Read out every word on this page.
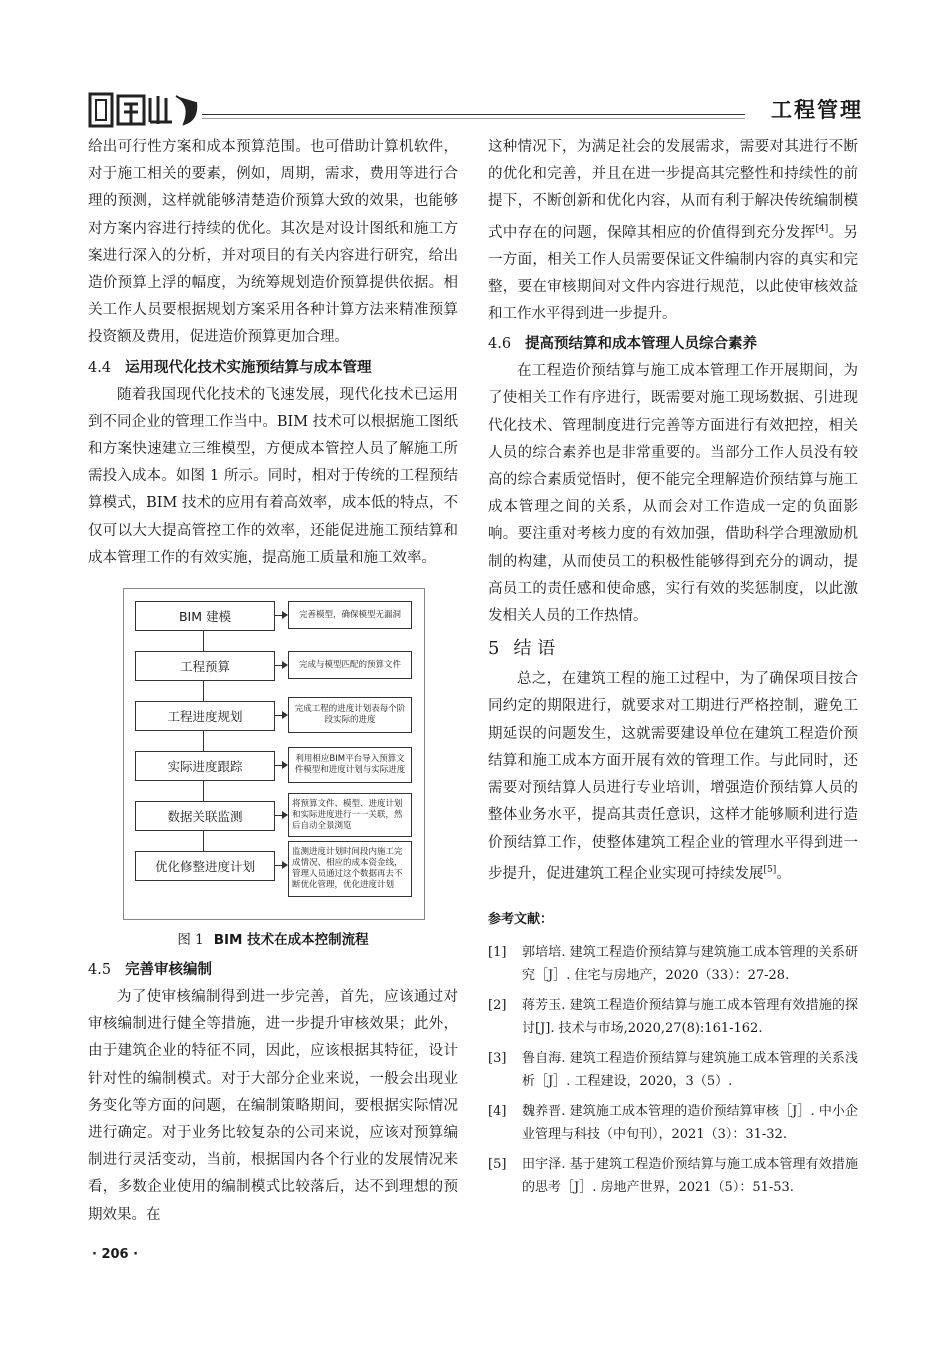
居业
工程管理

给出可行性方案和成本预算范围。也可借助计算机软件，对于施工相关的要素，例如，周期，需求，费用等进行合理的预测，这样就能够清楚造价预算大致的效果，也能够对方案内容进行持续的优化。其次是对设计图纸和施工方案进行深入的分析，并对项目的有关内容进行研究，给出造价预算上浮的幅度，为统筹规划造价预算提供依据。相关工作人员要根据规划方案采用各种计算方法来精准预算投资额及费用，促进造价预算更加合理。

4.4 运用现代化技术实施预结算与成本管理

随着我国现代化技术的飞速发展，现代化技术已运用到不同企业的管理工作当中。BIM 技术可以根据施工图纸和方案快速建立三维模型，方便成本管控人员了解施工所需投入成本。如图 1 所示。同时，相对于传统的工程预结算模式，BIM 技术的应用有着高效率，成本低的特点，不仅可以大大提高管控工作的效率，还能促进施工预结算和成本管理工作的有效实施，提高施工质量和施工效率。

BIM 建模
工程预算
工程进度规划
实际进度跟踪
数据关联监测
优化修整进度计划
完善模型，确保模型无漏洞
完成与模型匹配的预算文件
完成工程的进度计划表每个阶段实际的进度
利用相应BIM平台导入预算文件模型和进度计划与实际进度
将预算文件、模型、进度计划和实际进度进行一一关联，然后自动全景浏览
监测进度计划时间段内施工完成情况、相应的成本资金线，管理人员通过这个数据再去不断优化管理，优化进度计划
图 1 BIM 技术在成本控制流程
4.5 完善审核编制

为了使审核编制得到进一步完善，首先，应该通过对审核编制进行健全等措施，进一步提升审核效果；此外，由于建筑企业的特征不同，因此，应该根据其特征，设计针对性的编制模式。对于大部分企业来说，一般会出现业务变化等方面的问题，在编制策略期间，要根据实际情况进行确定。对于业务比较复杂的公司来说，应该对预算编制进行灵活变动，当前，根据国内各个行业的发展情况来看，多数企业使用的编制模式比较落后，达不到理想的预期效果。在

· 206 ·

这种情况下，为满足社会的发展需求，需要对其进行不断的优化和完善，并且在进一步提高其完整性和持续性的前提下，不断创新和优化内容，从而有利于解决传统编制模式中存在的问题，保障其相应的价值得到充分发挥[4]。另一方面，相关工作人员需要保证文件编制内容的真实和完整，要在审核期间对文件内容进行规范，以此使审核效益和工作水平得到进一步提升。

4.6 提高预结算和成本管理人员综合素养

在工程造价预结算与施工成本管理工作开展期间，为了使相关工作有序进行，既需要对施工现场数据、引进现代化技术、管理制度进行完善等方面进行有效把控，相关人员的综合素养也是非常重要的。当部分工作人员没有较高的综合素质觉悟时，便不能完全理解造价预结算与施工成本管理之间的关系，从而会对工作造成一定的负面影响。要注重对考核力度的有效加强，借助科学合理激励机制的构建，从而使员工的积极性能够得到充分的调动，提高员工的责任感和使命感，实行有效的奖惩制度，以此激发相关人员的工作热情。

5 结 语

总之，在建筑工程的施工过程中，为了确保项目按合同约定的期限进行，就要求对工期进行严格控制，避免工期延误的问题发生，这就需要建设单位在建筑工程造价预结算和施工成本方面开展有效的管理工作。与此同时，还需要对预结算人员进行专业培训，增强造价预结算人员的整体业务水平，提高其责任意识，这样才能够顺利进行造价预结算工作，使整体建筑工程企业的管理水平得到进一步提升，促进建筑工程企业实现可持续发展[5]。

参考文献：
[1]	郭培培. 建筑工程造价预结算与建筑施工成本管理的关系研究［J］. 住宅与房地产，2020（33）：27-28.
[2]	蒋芳玉. 建筑工程造价预结算与施工成本管理有效措施的探讨[J]. 技术与市场,2020,27(8):161-162.
[3]	鲁自海. 建筑工程造价预结算与建筑施工成本管理的关系浅析［J］. 工程建设，2020，3（5）.
[4]	魏养晋. 建筑施工成本管理的造价预结算审核［J］. 中小企业管理与科技（中旬刊），2021（3）：31-32.
[5]	田宇泽. 基于建筑工程造价预结算与施工成本管理有效措施的思考［J］. 房地产世界，2021（5）：51-53.
